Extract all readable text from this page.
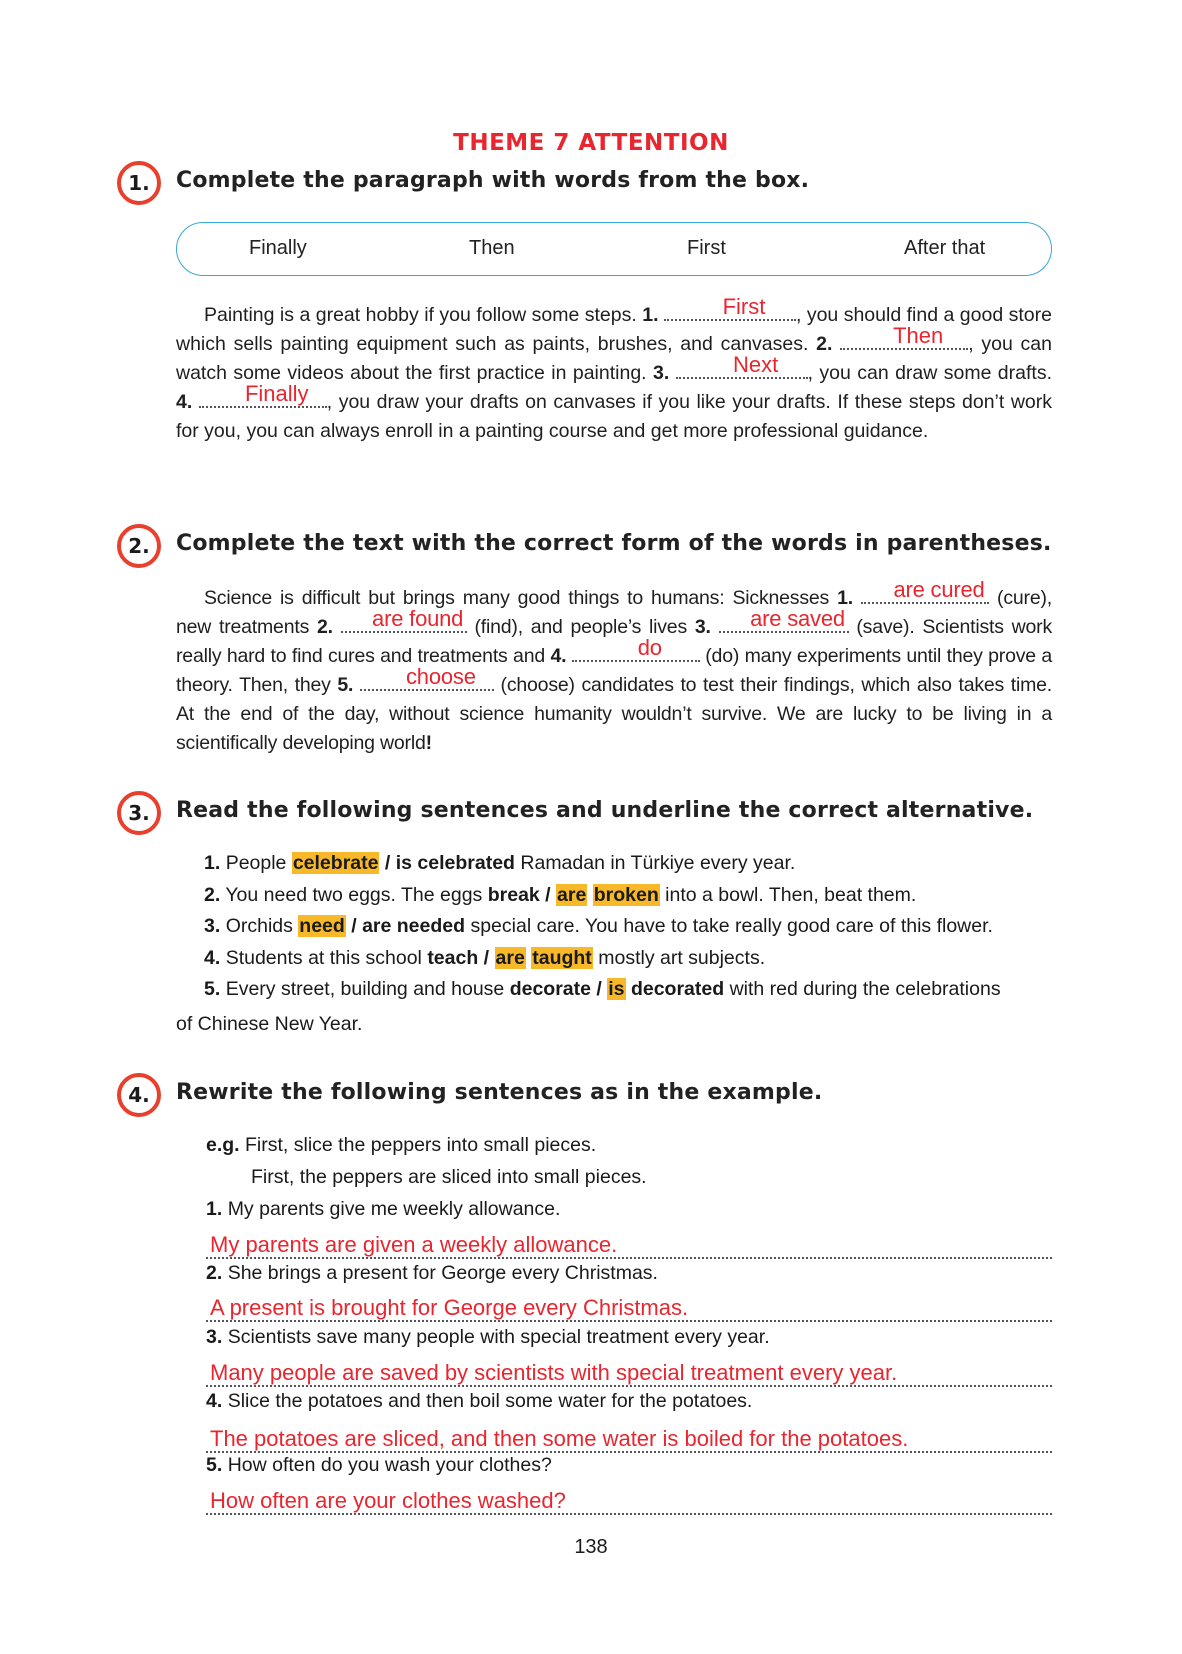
THEME 7 ATTENTION
1.	Complete the paragraph with words from the box.
Finally	Then	First	After that

Painting is a great hobby if you follow some steps. 1.	First	, you should find a good store which sells painting equipment such as paints, brushes, and canvases. 2.	Then	, you can watch some videos about the first practice in painting. 3.	Next	, you can draw some drafts. 4.	Finally , you draw your drafts on canvases if you like your drafts. If these steps don’t work for you, you can always enroll in a painting course and get more professional guidance.

2.	Complete the text with the correct form of the words in parentheses.

Science is difficult but brings many good things to humans: Sicknesses 1.	are cured (cure), new treatments 2.	are found (find), and people’s lives 3.	are saved (save). Scientists work really hard to find cures and treatments and 4.	do	(do) many experiments until they prove a theory. Then, they 5.	choose (choose) candidates to test their findings, which also takes time. At the end of the day, without science humanity wouldn’t survive. We are lucky to be living in a scientifically developing world!

3.	Read the following sentences and underline the correct alternative.
1. People celebrate / is celebrated Ramadan in Türkiye every year.
2. You need two eggs. The eggs break / are broken into a bowl. Then, beat them.
3. Orchids need / are needed special care. You have to take really good care of this flower.
4. Students at this school teach / are taught mostly art subjects.
5. Every street, building and house decorate / is decorated with red during the celebrations
of Chinese New Year.
4.	Rewrite the following sentences as in the example.
e.g. First, slice the peppers into small pieces.
First, the peppers are sliced into small pieces.
1. My parents give me weekly allowance.
My parents are given a weekly allowance.
2. She brings a present for George every Christmas.
A present is brought for George every Christmas.
3. Scientists save many people with special treatment every year.
Many people are saved by scientists with special treatment every year.
4. Slice the potatoes and then boil some water for the potatoes.
The potatoes are sliced, and then some water is boiled for the potatoes.
5. How often do you wash your clothes?
How often are your clothes washed?
138
